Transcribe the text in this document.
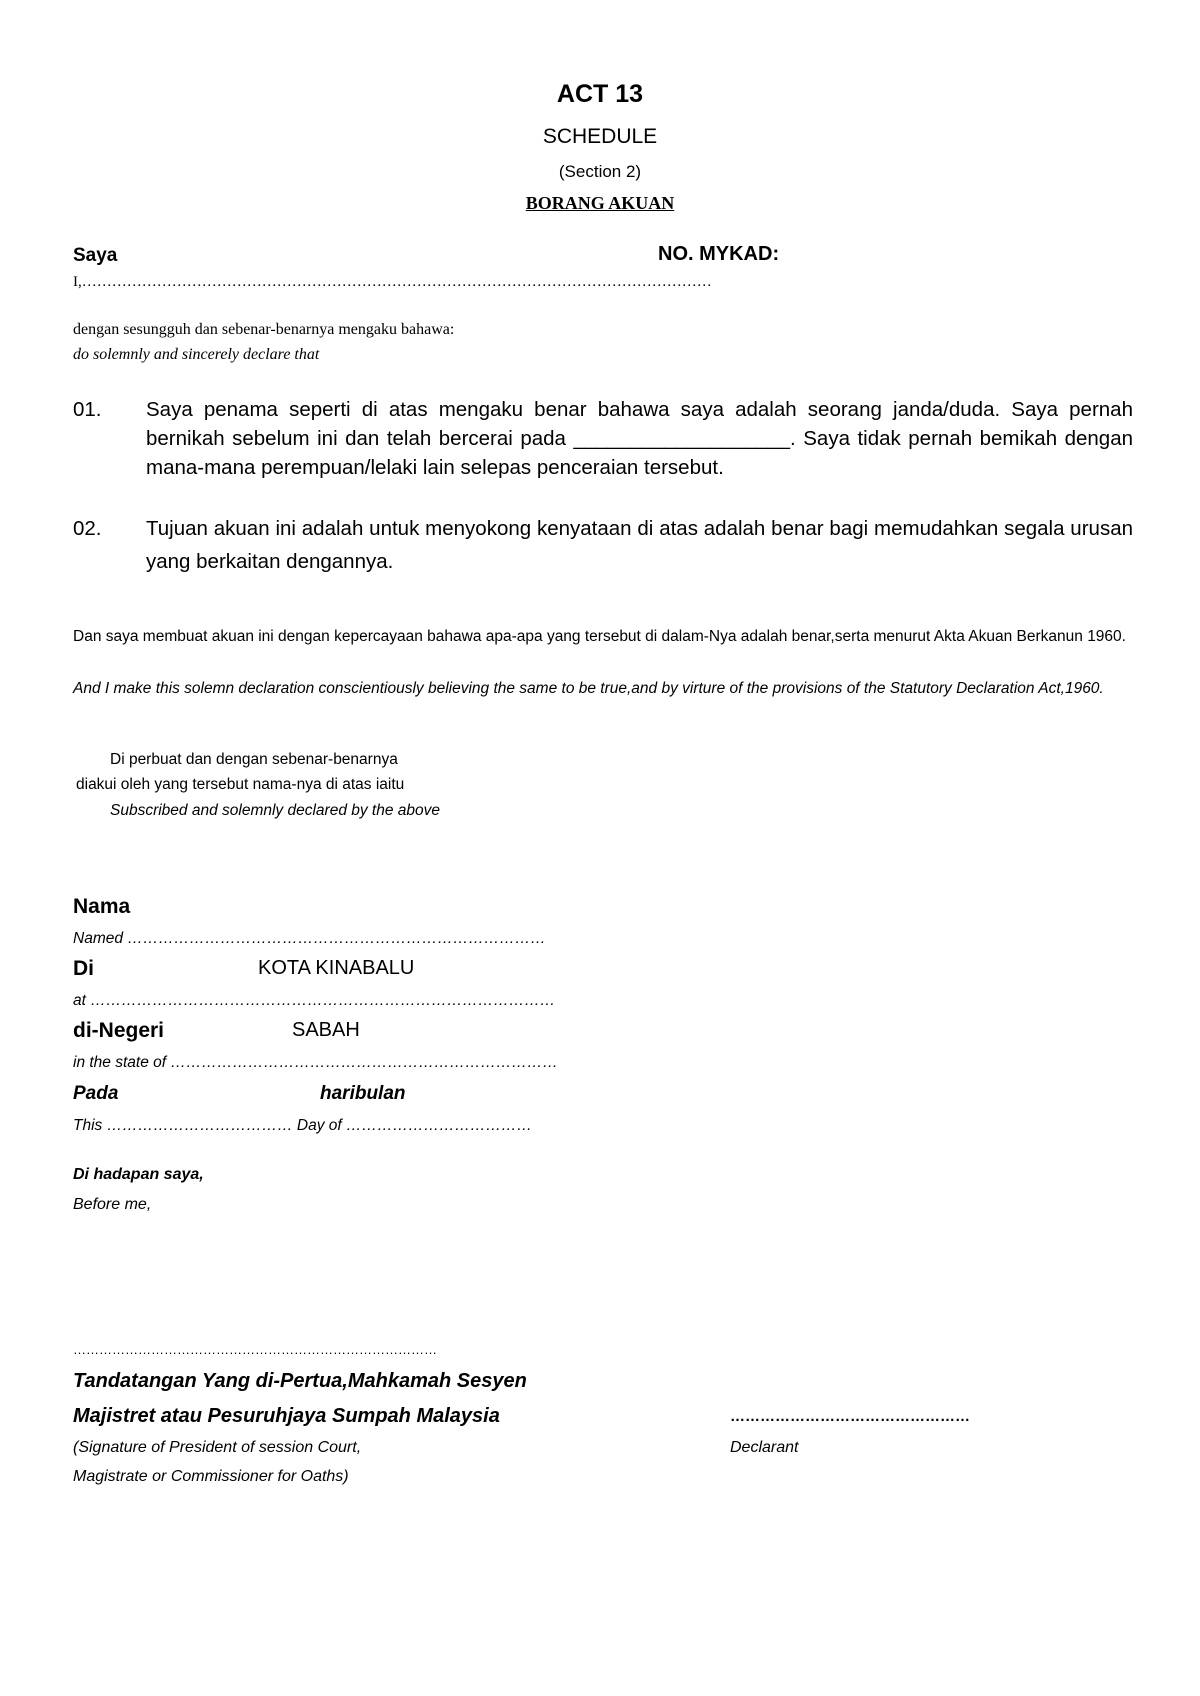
ACT 13
SCHEDULE
(Section 2)
BORANG AKUAN
Saya	NO. MYKAD:
I,………………………………………………………………………………………………………………
dengan sesungguh dan sebenar-benarnya mengaku bahawa:
do solemnly and sincerely declare that
01. Saya penama seperti di atas mengaku benar bahawa saya adalah seorang janda/duda. Saya pernah bernikah sebelum ini dan telah bercerai pada ___________________. Saya tidak pernah bemikah dengan mana-mana perempuan/lelaki lain selepas penceraian tersebut.
02. Tujuan akuan ini adalah untuk menyokong kenyataan di atas adalah benar bagi memudahkan segala urusan yang berkaitan dengannya.
Dan saya membuat akuan ini dengan kepercayaan bahawa apa-apa yang tersebut di dalam-Nya adalah benar,serta menurut Akta Akuan Berkanun 1960.
And I make this solemn declaration conscientiously believing the same to be true,and by virture of the provisions of the Statutory Declaration Act,1960.
Di perbuat dan dengan sebenar-benarnya
diakui oleh yang tersebut nama-nya di atas iaitu
Subscribed and solemnly declared by the above
Nama
Named ………………………………………………………………………
Di	KOTA KINABALU
at ………………………………………………………………………………
di-Negeri	SABAH
in the state of …………………………………………………………………
Pada	haribulan
This ……………………………… Day of ………………………………
Di hadapan saya,
Before me,
…………………………………………………………………………
Tandatangan Yang di-Pertua,Mahkamah Sesyen
Majistret atau Pesuruhjaya Sumpah Malaysia
(Signature of President of session Court,
Magistrate or Commissioner for Oaths)
…………………………………………
Declarant
